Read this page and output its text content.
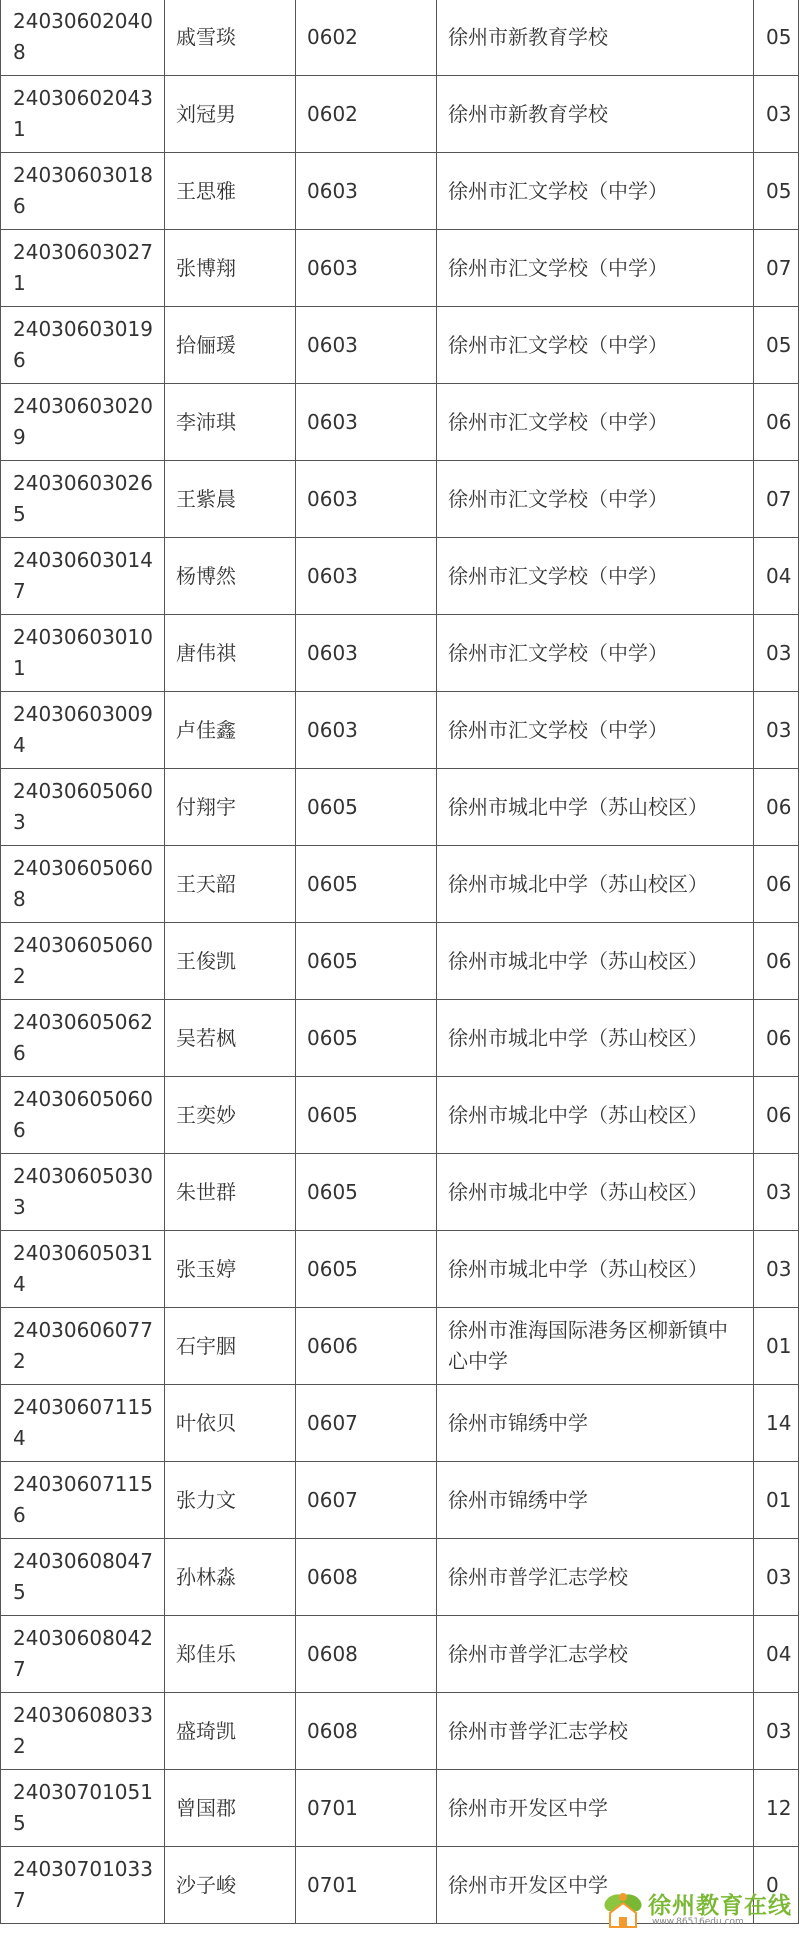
240306020408	戚雪琰	0602	徐州市新教育学校	05
240306020431	刘冠男	0602	徐州市新教育学校	03
240306030186	王思雅	0603	徐州市汇文学校（中学）	05
240306030271	张博翔	0603	徐州市汇文学校（中学）	07
240306030196	拾俪瑗	0603	徐州市汇文学校（中学）	05
240306030209	李沛琪	0603	徐州市汇文学校（中学）	06
240306030265	王紫晨	0603	徐州市汇文学校（中学）	07
240306030147	杨博然	0603	徐州市汇文学校（中学）	04
240306030101	唐伟祺	0603	徐州市汇文学校（中学）	03
240306030094	卢佳鑫	0603	徐州市汇文学校（中学）	03
240306050603	付翔宇	0605	徐州市城北中学（苏山校区）	06
240306050608	王天韶	0605	徐州市城北中学（苏山校区）	06
240306050602	王俊凯	0605	徐州市城北中学（苏山校区）	06
240306050626	吴若枫	0605	徐州市城北中学（苏山校区）	06
240306050606	王奕妙	0605	徐州市城北中学（苏山校区）	06
240306050303	朱世群	0605	徐州市城北中学（苏山校区）	03
240306050314	张玉婷	0605	徐州市城北中学（苏山校区）	03
240306060772	石宇胭	0606	徐州市淮海国际港务区柳新镇中心中学	01
240306071154	叶依贝	0607	徐州市锦绣中学	14
240306071156	张力文	0607	徐州市锦绣中学	01
240306080475	孙林淼	0608	徐州市普学汇志学校	03
240306080427	郑佳乐	0608	徐州市普学汇志学校	04
240306080332	盛琦凯	0608	徐州市普学汇志学校	03
240307010515	曾国郡	0701	徐州市开发区中学	12
240307010337	沙子峻	0701	徐州市开发区中学	0
徐州教育在线
www.86516edu.com
